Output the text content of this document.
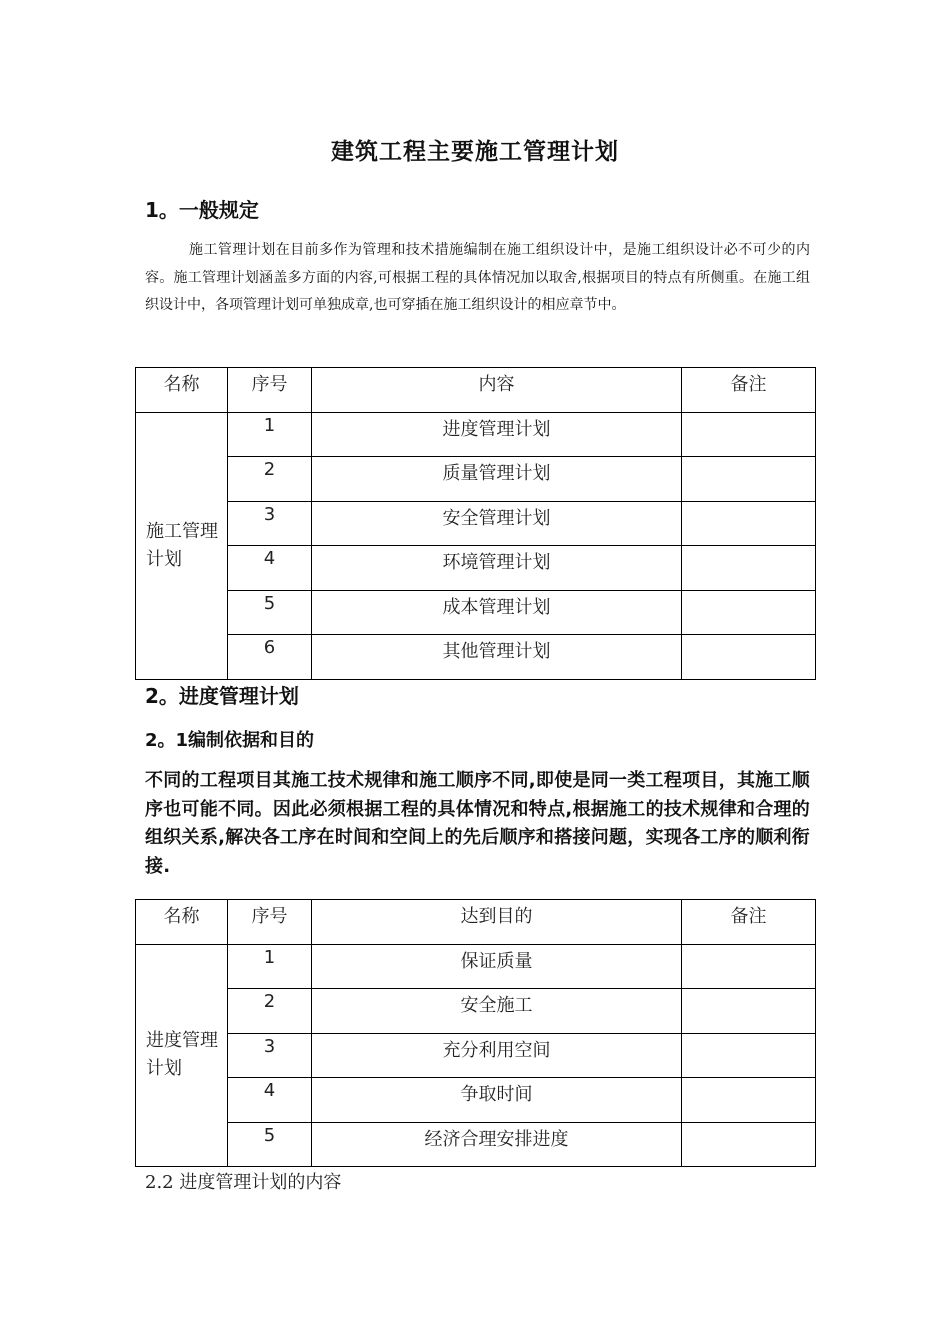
建筑工程主要施工管理计划
1。一般规定
施工管理计划在目前多作为管理和技术措施编制在施工组织设计中，是施工组织设计必不可少的内容。施工管理计划涵盖多方面的内容,可根据工程的具体情况加以取舍,根据项目的特点有所侧重。在施工组织设计中，各项管理计划可单独成章,也可穿插在施工组织设计的相应章节中。
名称	序号	内容	备注
施工管理计划	1	进度管理计划	
	2	质量管理计划	
	3	安全管理计划	
	4	环境管理计划	
	5	成本管理计划	
	6	其他管理计划	
2。进度管理计划
2。1编制依据和目的
不同的工程项目其施工技术规律和施工顺序不同,即使是同一类工程项目，其施工顺序也可能不同。因此必须根据工程的具体情况和特点,根据施工的技术规律和合理的组织关系,解决各工序在时间和空间上的先后顺序和搭接问题，实现各工序的顺利衔接.
名称	序号	达到目的	备注
进度管理计划	1	保证质量	
	2	安全施工	
	3	充分利用空间	
	4	争取时间	
	5	经济合理安排进度	
2.2 进度管理计划的内容
